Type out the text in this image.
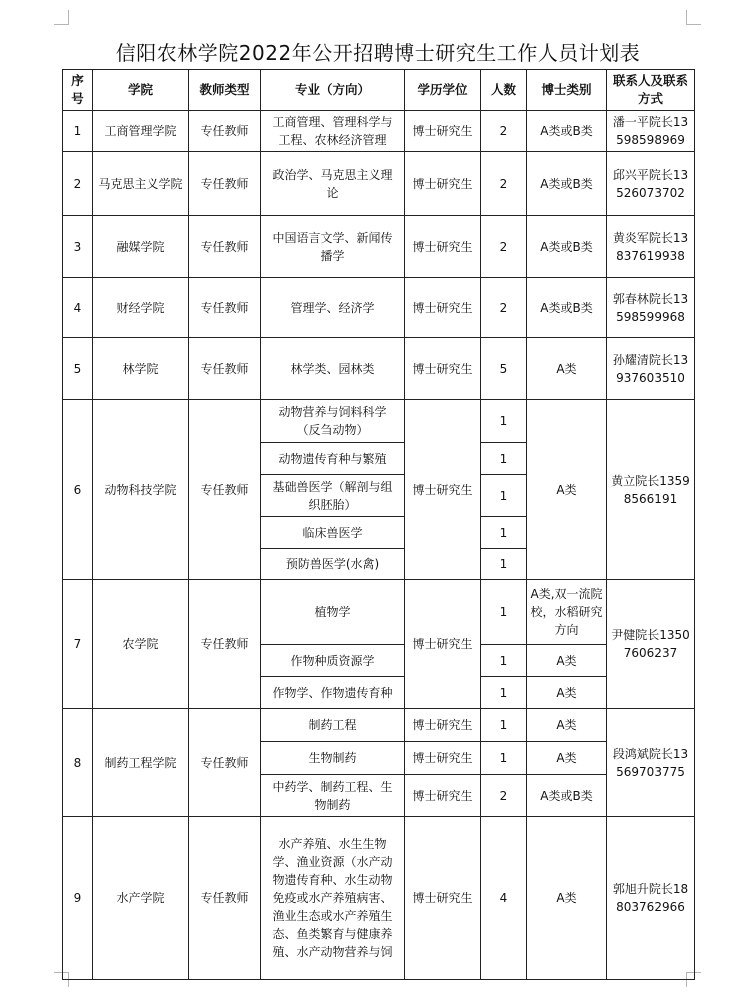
信阳农林学院2022年公开招聘博士研究生工作人员计划表
序号	学院	教师类型	专业（方向）	学历学位	人数	博士类别	联系人及联系方式
1	工商管理学院	专任教师	工商管理、管理科学与工程、农林经济管理	博士研究生	2	A类或B类	潘一平院长13598598969
2	马克思主义学院	专任教师	政治学、马克思主义理论	博士研究生	2	A类或B类	邱兴平院长13526073702
3	融媒学院	专任教师	中国语言文学、新闻传播学	博士研究生	2	A类或B类	黄炎军院长13837619938
4	财经学院	专任教师	管理学、经济学	博士研究生	2	A类或B类	郭春林院长13598599968
5	林学院	专任教师	林学类、园林类	博士研究生	5	A类	孙耀清院长13937603510
6	动物科技学院	专任教师	动物营养与饲料科学（反刍动物）	博士研究生	1	A类	黄立院长13598566191
			动物遗传育种与繁殖		1		
			基础兽医学（解剖与组织胚胎）		1		
			临床兽医学		1		
			预防兽医学(水禽)		1		
7	农学院	专任教师	植物学	博士研究生	1	A类,双一流院校，水稻研究方向	尹健院长13507606237
			作物种质资源学		1	A类	
			作物学、作物遗传育种		1	A类	
8	制药工程学院	专任教师	制药工程	博士研究生	1	A类	段鸿斌院长13569703775
			生物制药	博士研究生	1	A类	
			中药学、制药工程、生物制药	博士研究生	2	A类或B类	
9	水产学院	专任教师	水产养殖、水生生物学、渔业资源（水产动物遗传育种、水生动物免疫或水产养殖病害、渔业生态或水产养殖生态、鱼类繁育与健康养殖、水产动物营养与饲	博士研究生	4	A类	郭旭升院长18803762966
